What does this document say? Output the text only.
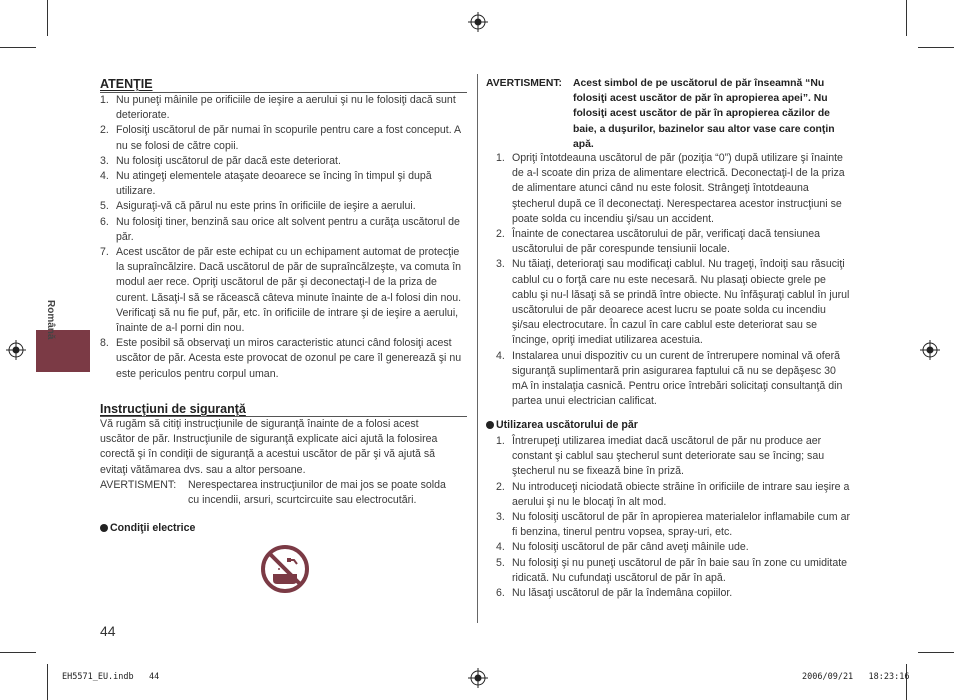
Română
ATENŢIE
1. Nu puneţi mâinile pe orificiile de ieşire a aerului şi nu le folosiţi dacă sunt deteriorate.
2. Folosiţi uscătorul de păr numai în scopurile pentru care a fost conceput. A nu se folosi de către copii.
3. Nu folosiţi uscătorul de păr dacă este deteriorat.
4. Nu atingeţi elementele ataşate deoarece se încing în timpul şi după utilizare.
5. Asiguraţi-vă că părul nu este prins în orificiile de ieşire a aerului.
6. Nu folosiţi tiner, benzină sau orice alt solvent pentru a curăţa uscătorul de păr.
7. Acest uscător de păr este echipat cu un echipament automat de protecţie la supraîncălzire. Dacă uscătorul de păr de supraîncălzeşte, va comuta în modul aer rece. Opriţi uscătorul de păr şi deconectaţi-l de la priza de curent. Lăsaţi-l să se răcească câteva minute înainte de a-l folosi din nou. Verificaţi să nu fie puf, păr, etc. în orificiile de intrare şi de ieşire a aerului, înainte de a-l porni din nou.
8. Este posibil să observaţi un miros caracteristic atunci când folosiţi acest uscător de păr. Acesta este provocat de ozonul pe care îl generează şi nu este periculos pentru corpul uman.
Instrucţiuni de siguranţă

Vă rugăm să citiţi instrucţiunile de siguranţă înainte de a folosi acest uscător de păr. Instrucţiunile de siguranţă explicate aici ajută la folosirea corectă şi în condiţii de siguranţă a acestui uscător de păr şi vă ajută să evitaţi vătămarea dvs. sau a altor persoane.

AVERTISMENT: Nerespectarea instrucţiunilor de mai jos se poate solda cu incendii, arsuri, scurtcircuite sau electrocutări.
Condiţii electrice
44
AVERTISMENT: Acest simbol de pe uscătorul de păr înseamnă “Nu folosiţi acest uscător de păr în apropierea apei”. Nu folosiţi acest uscător de păr în apropierea căzilor de baie, a duşurilor, bazinelor sau altor vase care conţin apă.
1. Opriţi întotdeauna uscătorul de păr (poziţia “0”) după utilizare şi înainte de a-l scoate din priza de alimentare electrică. Deconectaţi-l de la priza de alimentare atunci când nu este folosit. Strângeţi întotdeauna ştecherul după ce îl deconectaţi. Nerespectarea acestor instrucţiuni se poate solda cu incendiu şi/sau un accident.
2. Înainte de conectarea uscătorului de păr, verificaţi dacă tensiunea uscătorului de păr corespunde tensiunii locale.
3. Nu tăiaţi, deterioraţi sau modificaţi cablul. Nu trageţi, îndoiţi sau răsuciţi cablul cu o forţă care nu este necesară. Nu plasaţi obiecte grele pe cablu şi nu-l lăsaţi să se prindă între obiecte. Nu înfăşuraţi cablul în jurul uscătorului de păr deoarece acest lucru se poate solda cu incendiu şi/sau electrocutare. În cazul în care cablul este deteriorat sau se încinge, opriţi imediat utilizarea acestuia.
4. Instalarea unui dispozitiv cu un curent de întrerupere nominal vă oferă siguranţă suplimentară prin asigurarea faptului că nu se depăşesc 30 mA în instalaţia casnică. Pentru orice întrebări solicitaţi consultanţă din partea unui electrician calificat.
Utilizarea uscătorului de păr
1. Întrerupeţi utilizarea imediat dacă uscătorul de păr nu produce aer constant şi cablul sau ştecherul sunt deteriorate sau se încing; sau ştecherul nu se fixează bine în priză.
2. Nu introduceţi niciodată obiecte străine în orificiile de intrare sau ieşire a aerului şi nu le blocaţi în alt mod.
3. Nu folosiţi uscătorul de păr în apropierea materialelor inflamabile cum ar fi benzina, tinerul pentru vopsea, spray-uri, etc.
4. Nu folosiţi uscătorul de păr când aveţi mâinile ude.
5. Nu folosiţi şi nu puneţi uscătorul de păr în baie sau în zone cu umiditate ridicată. Nu cufundaţi uscătorul de păr în apă.
6. Nu lăsaţi uscătorul de păr la îndemâna copiilor.
EH5571_EU.indb   44	2006/09/21   18:23:16
